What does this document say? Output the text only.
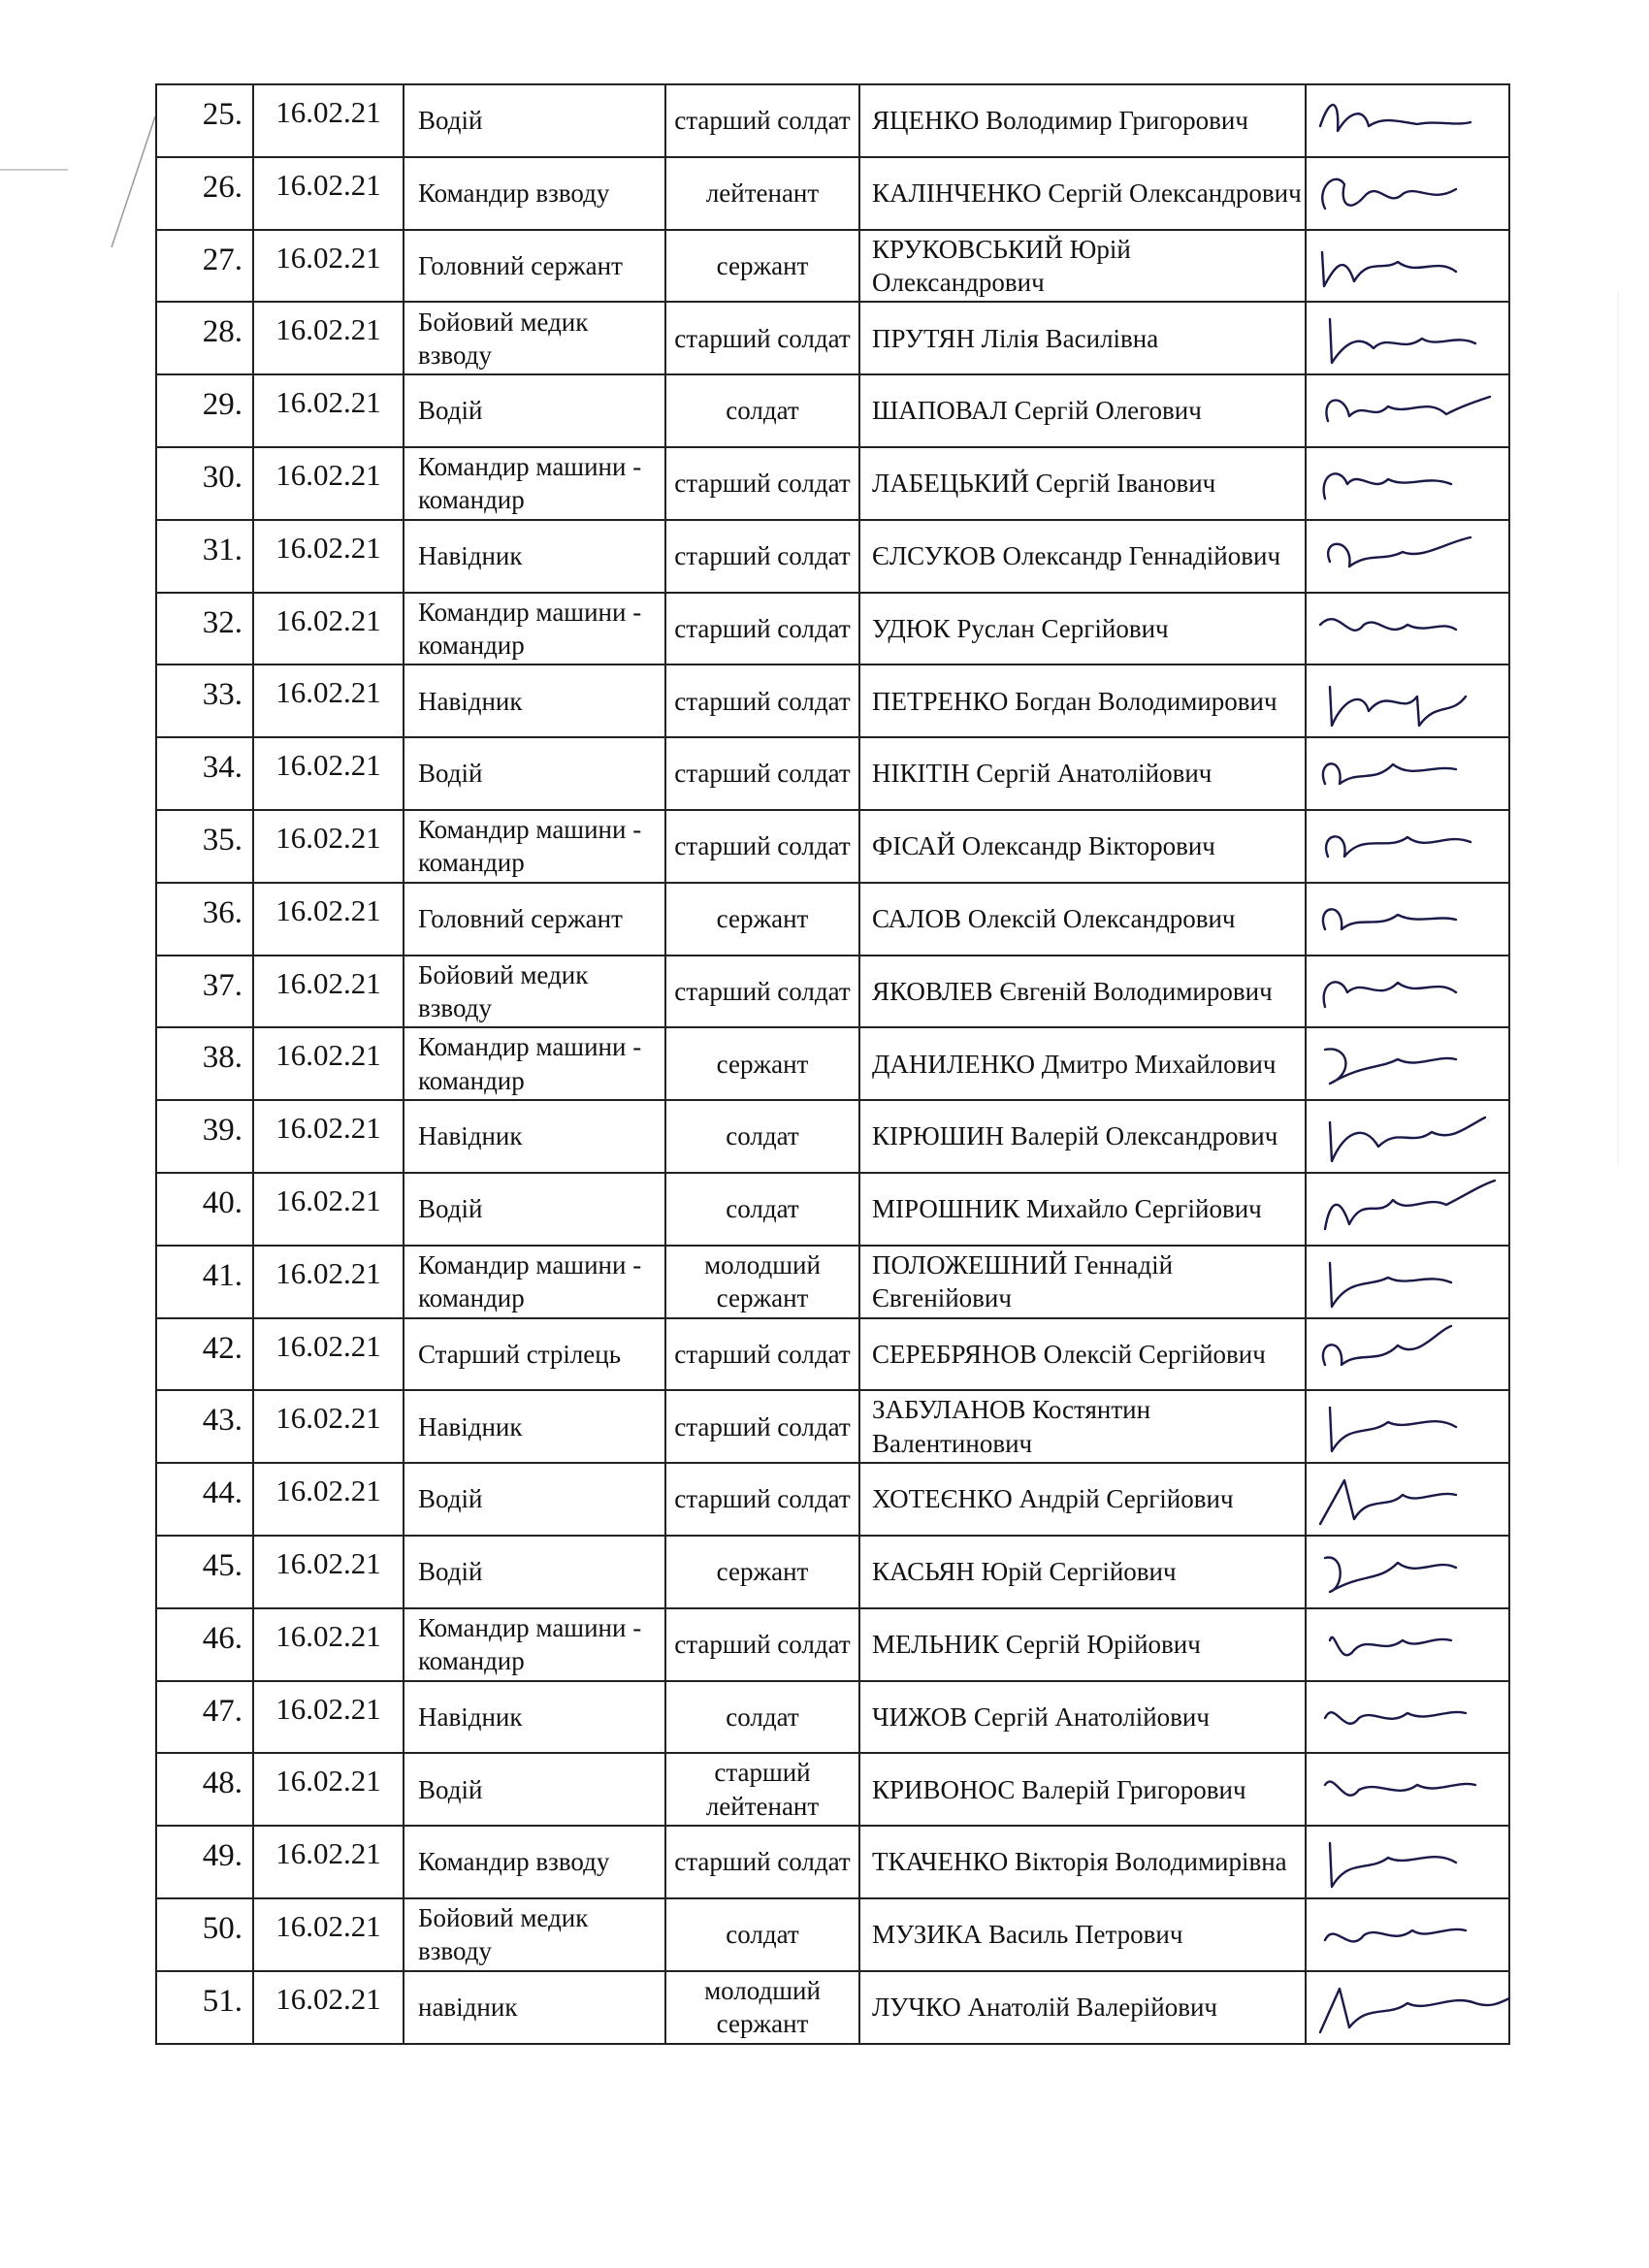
25.	16.02.21	Водій	старший солдат	ЯЦЕНКО Володимир Григорович	

26.	16.02.21	Командир взводу	лейтенант	КАЛІНЧЕНКО Сергій Олександрович	

27.	16.02.21	Головний сержант	сержант	КРУКОВСЬКИЙ Юрій Олександрович	

28.	16.02.21	Бойовий медик взводу	старший солдат	ПРУТЯН Лілія Василівна	

29.	16.02.21	Водій	солдат	ШАПОВАЛ Сергій Олегович	

30.	16.02.21	Командир машини - командир	старший солдат	ЛАБЕЦЬКИЙ Сергій Іванович	

31.	16.02.21	Навідник	старший солдат	ЄЛСУКОВ Олександр Геннадійович	

32.	16.02.21	Командир машини - командир	старший солдат	УДЮК Руслан Сергійович	

33.	16.02.21	Навідник	старший солдат	ПЕТРЕНКО Богдан Володимирович	

34.	16.02.21	Водій	старший солдат	НІКІТІН Сергій Анатолійович	

35.	16.02.21	Командир машини - командир	старший солдат	ФІСАЙ Олександр Вікторович	

36.	16.02.21	Головний сержант	сержант	САЛОВ Олексій Олександрович	

37.	16.02.21	Бойовий медик взводу	старший солдат	ЯКОВЛЕВ Євгеній Володимирович	

38.	16.02.21	Командир машини - командир	сержант	ДАНИЛЕНКО Дмитро Михайлович	

39.	16.02.21	Навідник	солдат	КІРЮШИН Валерій Олександрович	

40.	16.02.21	Водій	солдат	МІРОШНИК Михайло Сергійович	

41.	16.02.21	Командир машини - командир	молодший сержант	ПОЛОЖЕШНИЙ Геннадій Євгенійович	

42.	16.02.21	Старший стрілець	старший солдат	СЕРЕБРЯНОВ Олексій Сергійович	

43.	16.02.21	Навідник	старший солдат	ЗАБУЛАНОВ Костянтин Валентинович	

44.	16.02.21	Водій	старший солдат	ХОТЕЄНКО Андрій Сергійович	

45.	16.02.21	Водій	сержант	КАСЬЯН Юрій Сергійович	

46.	16.02.21	Командир машини - командир	старший солдат	МЕЛЬНИК Сергій Юрійович	

47.	16.02.21	Навідник	солдат	ЧИЖОВ Сергій Анатолійович	

48.	16.02.21	Водій	старший лейтенант	КРИВОНОС Валерій Григорович	

49.	16.02.21	Командир взводу	старший солдат	ТКАЧЕНКО Вікторія Володимирівна	

50.	16.02.21	Бойовий медик взводу	солдат	МУЗИКА Василь Петрович	

51.	16.02.21	навідник	молодший сержант	ЛУЧКО Анатолій Валерійович	
